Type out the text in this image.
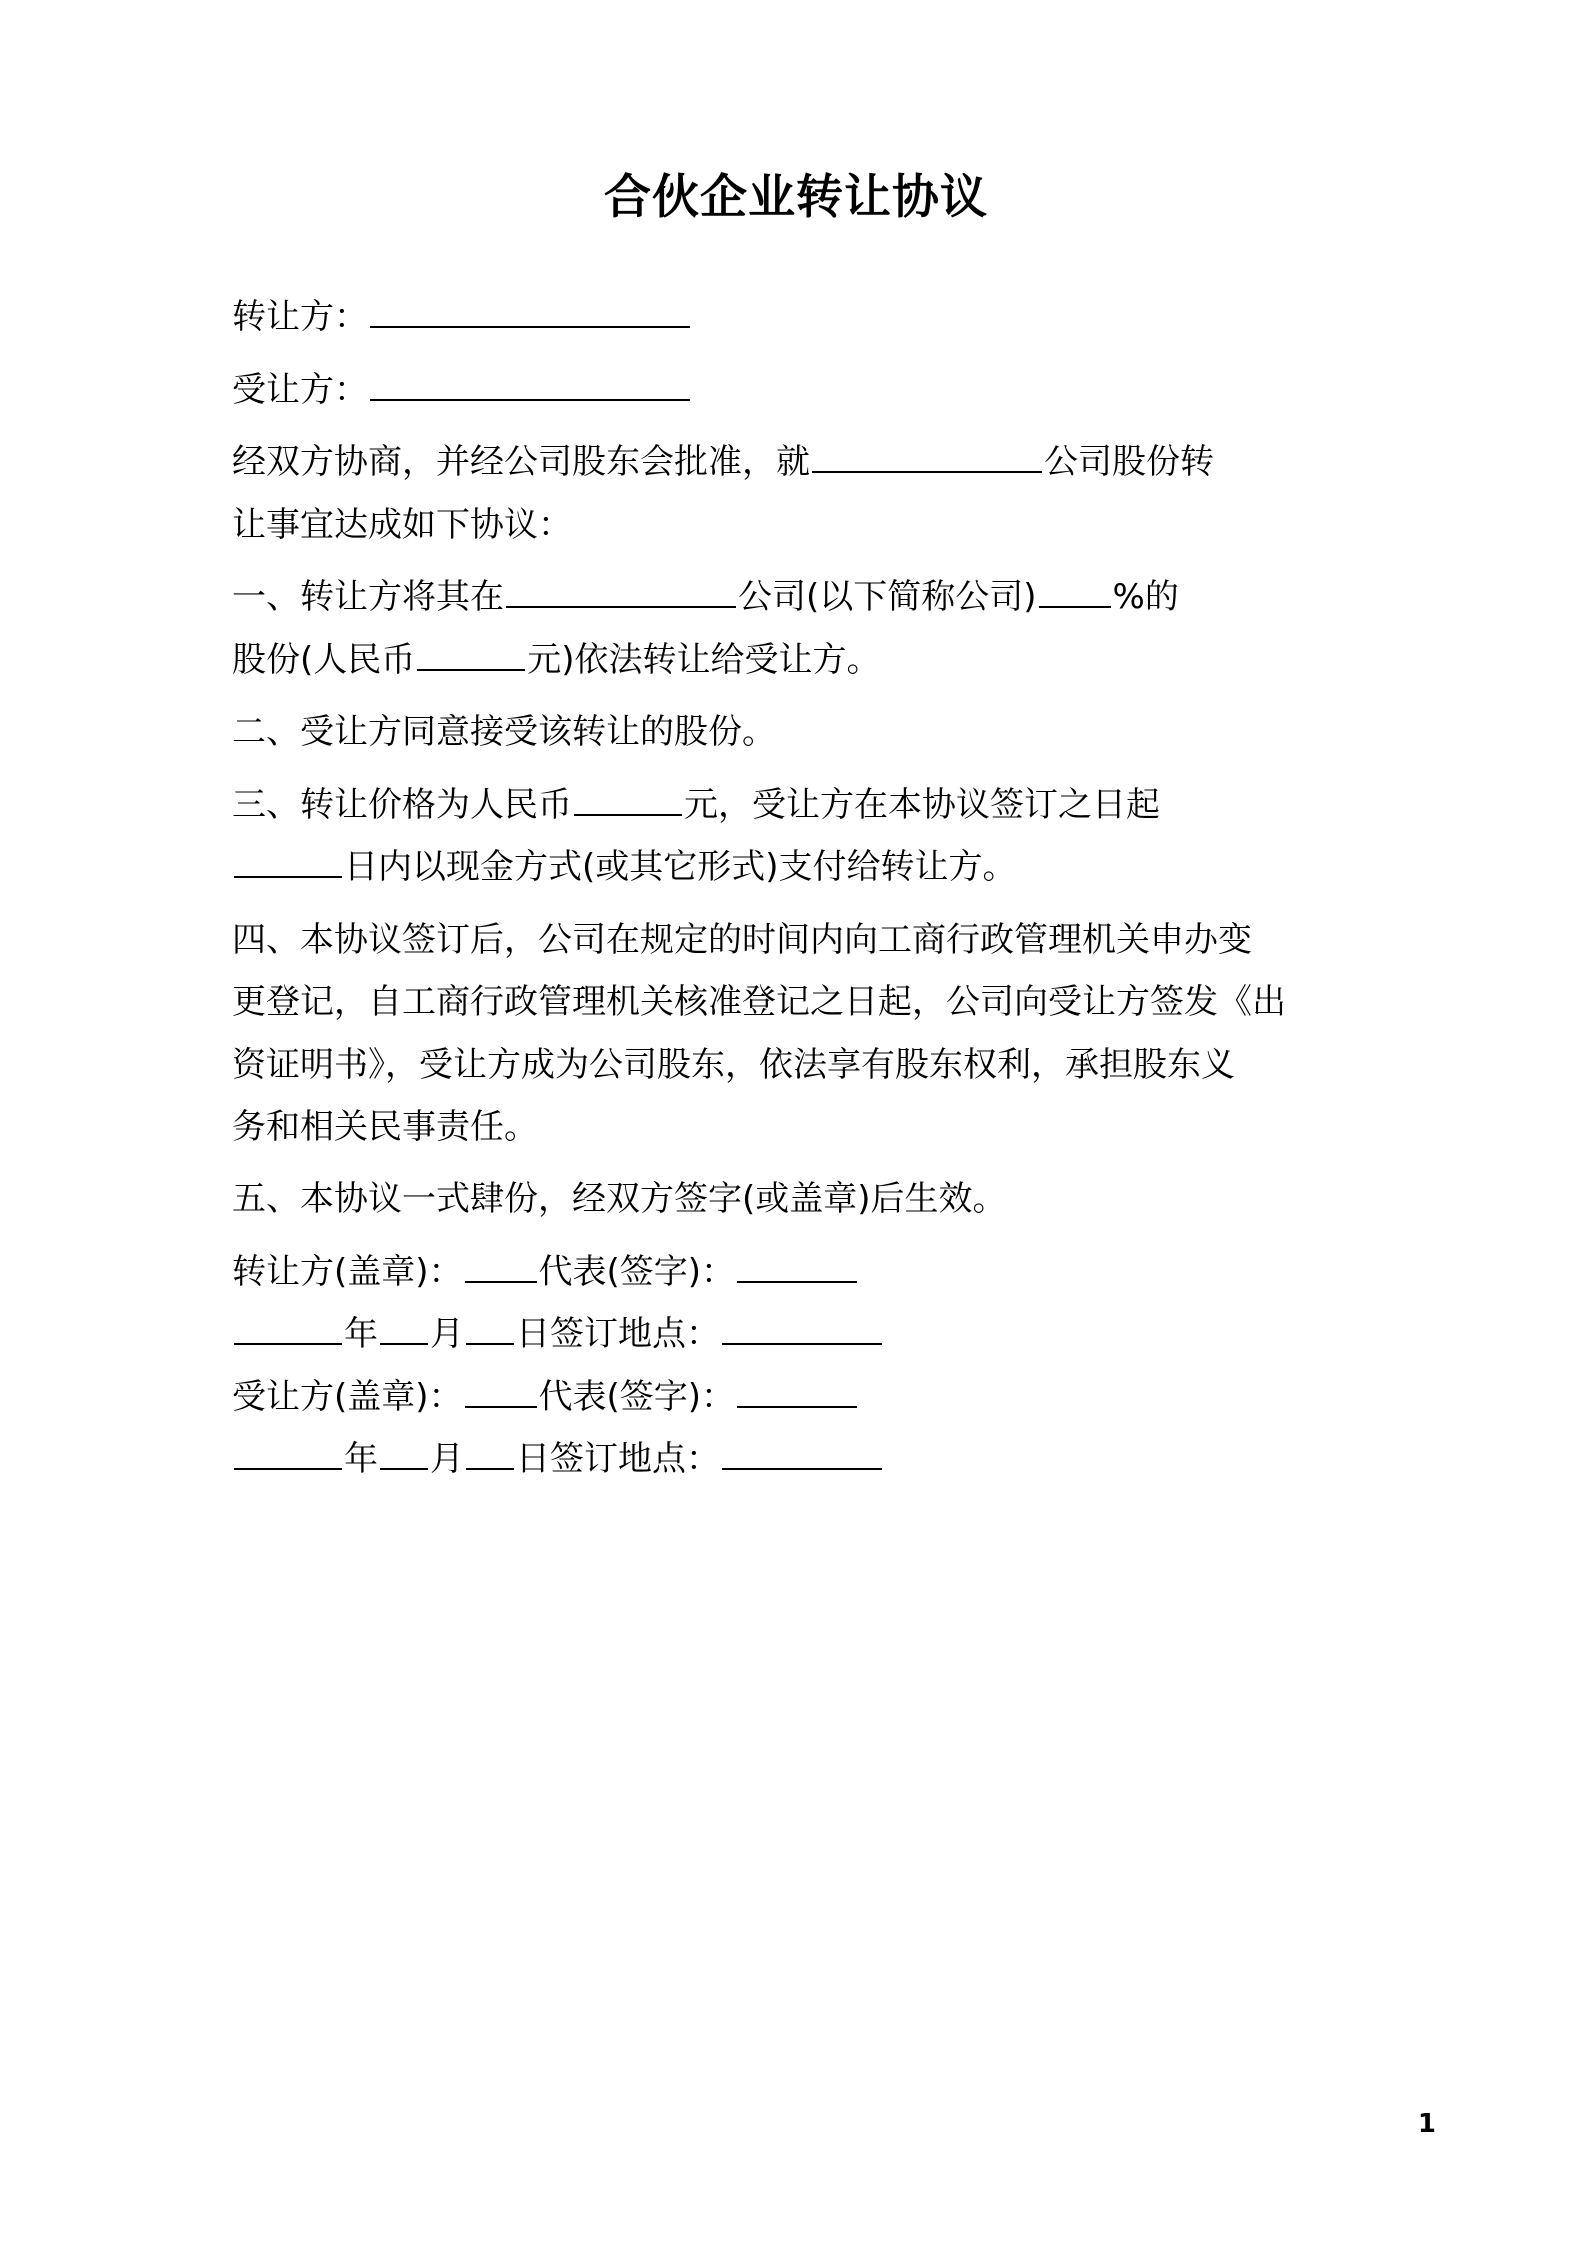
合伙企业转让协议

转让方：

受让方：

经双方协商，并经公司股东会批准，就	公司股份转

让事宜达成如下协议：

一、转让方将其在	公司(以下简称公司) %的

股份(人民币	元)依法转让给受让方。

二、受让方同意接受该转让的股份。

三、转让价格为人民币	元，受让方在本协议签订之日起

日内以现金方式(或其它形式)支付给转让方。

四、本协议签订后，公司在规定的时间内向工商行政管理机关申办变

更登记，自工商行政管理机关核准登记之日起，公司向受让方签发《出

资证明书》，受让方成为公司股东，依法享有股东权利，承担股东义

务和相关民事责任。

五、本协议一式肆份，经双方签字(或盖章)后生效。

转让方(盖章)： 代表(签字)：

年 月 日签订地点：

受让方(盖章)： 代表(签字)：

年 月 日签订地点：

1
